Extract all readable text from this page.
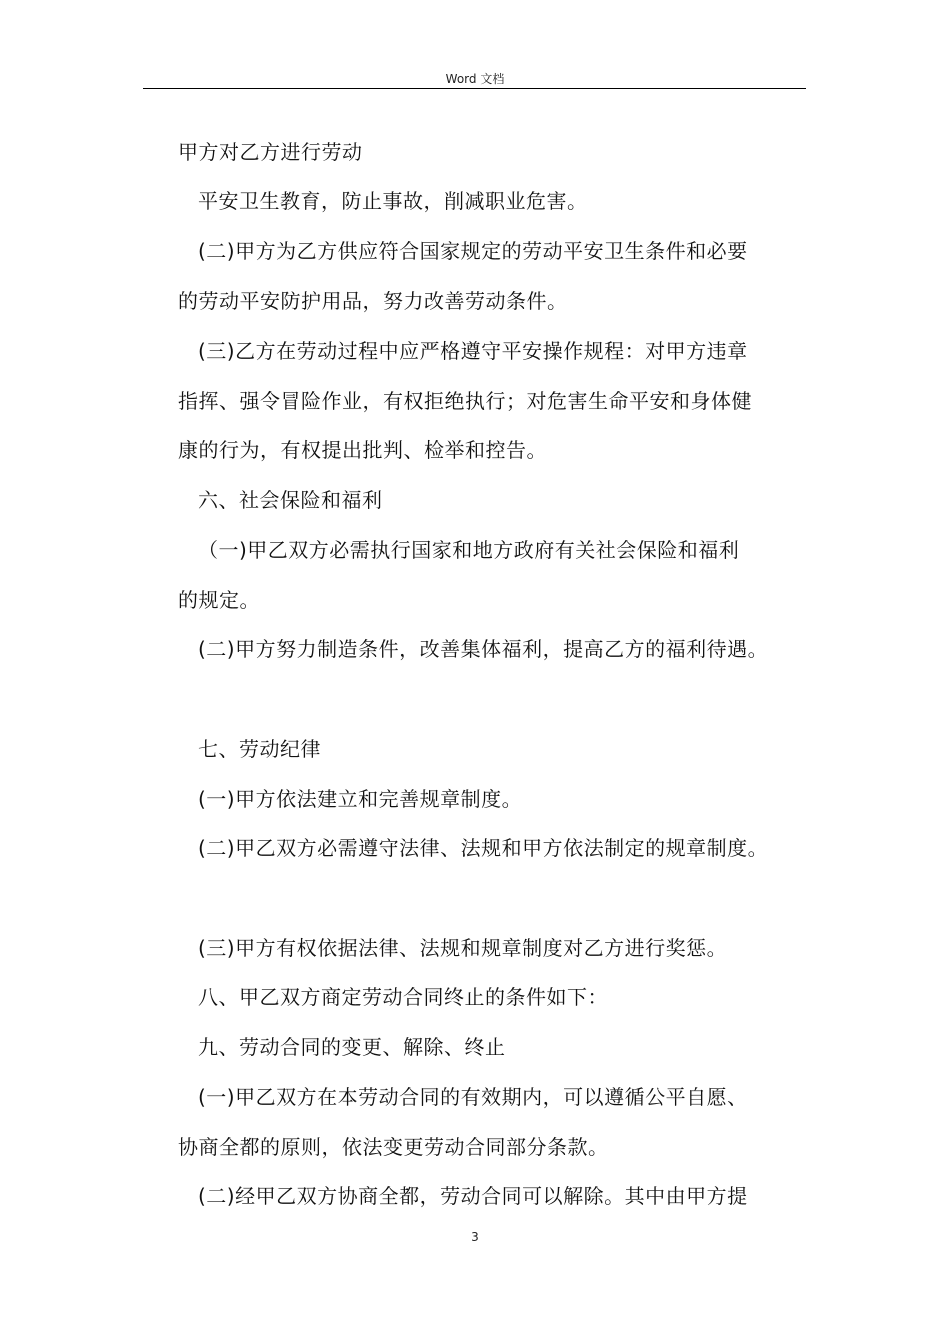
Word 文档
甲方对乙方进行劳动
平安卫生教育，防止事故，削减职业危害。
(二)甲方为乙方供应符合国家规定的劳动平安卫生条件和必要
的劳动平安防护用品，努力改善劳动条件。
(三)乙方在劳动过程中应严格遵守平安操作规程：对甲方违章
指挥、强令冒险作业，有权拒绝执行；对危害生命平安和身体健
康的行为，有权提出批判、检举和控告。
六、社会保险和福利
（一)甲乙双方必需执行国家和地方政府有关社会保险和福利
的规定。
(二)甲方努力制造条件，改善集体福利，提高乙方的福利待遇。
七、劳动纪律
(一)甲方依法建立和完善规章制度。
(二)甲乙双方必需遵守法律、法规和甲方依法制定的规章制度。
(三)甲方有权依据法律、法规和规章制度对乙方进行奖惩。
八、甲乙双方商定劳动合同终止的条件如下：
九、劳动合同的变更、解除、终止
(一)甲乙双方在本劳动合同的有效期内，可以遵循公平自愿、
协商全都的原则，依法变更劳动合同部分条款。
(二)经甲乙双方协商全都，劳动合同可以解除。其中由甲方提
3
